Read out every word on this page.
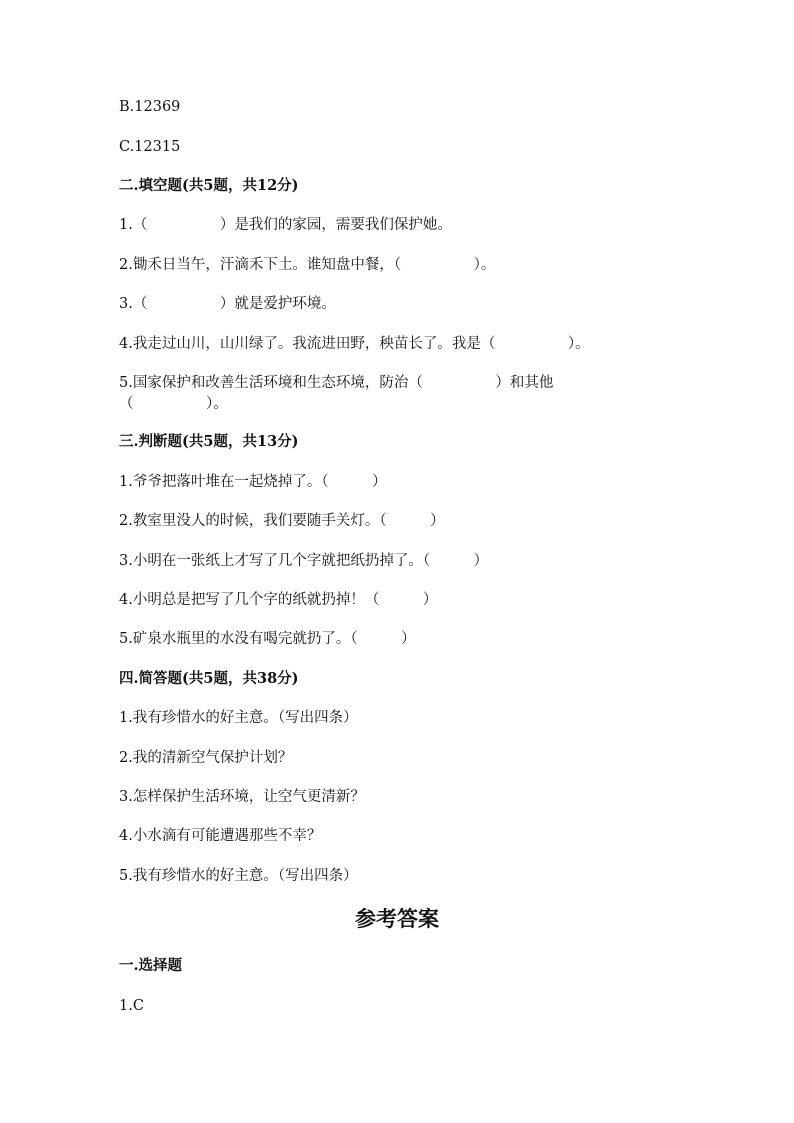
B.12369
C.12315
二.填空题(共5题，共12分)
1.（　　　　　）是我们的家园，需要我们保护她。
2.锄禾日当午，汗滴禾下土。谁知盘中餐，（　　　　　）。
3.（　　　　　）就是爱护环境。
4.我走过山川，山川绿了。我流进田野，秧苗长了。我是（　　　　　）。
5.国家保护和改善生活环境和生态环境，防治（　　　　　）和其他
（　　　　　）。
三.判断题(共5题，共13分)
1.爷爷把落叶堆在一起烧掉了。（　　　）
2.教室里没人的时候，我们要随手关灯。（　　　）
3.小明在一张纸上才写了几个字就把纸扔掉了。（　　　）
4.小明总是把写了几个字的纸就扔掉！（　　　）
5.矿泉水瓶里的水没有喝完就扔了。（　　　）
四.简答题(共5题，共38分)
1.我有珍惜水的好主意。（写出四条）
2.我的清新空气保护计划？
3.怎样保护生活环境，让空气更清新？
4.小水滴有可能遭遇那些不幸？
5.我有珍惜水的好主意。（写出四条）
参考答案
一.选择题
1.C
